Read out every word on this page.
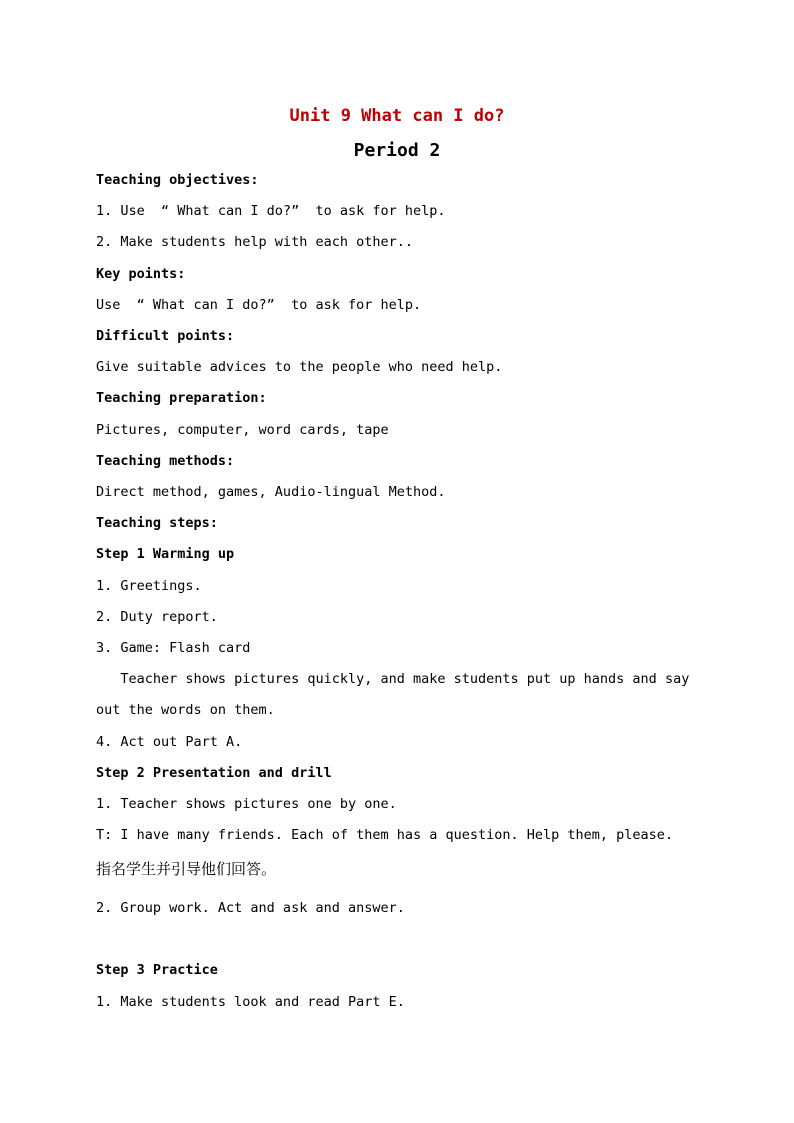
Unit 9 What can I do?
Period 2
Teaching objectives:
1. Use  “ What can I do?”  to ask for help.
2. Make students help with each other..
Key points:
Use  “ What can I do?”  to ask for help.
Difficult points:
Give suitable advices to the people who need help.
Teaching preparation:
Pictures, computer, word cards, tape
Teaching methods:
Direct method, games, Audio-lingual Method.
Teaching steps:
Step 1 Warming up
1. Greetings.
2. Duty report.
3. Game: Flash card
Teacher shows pictures quickly, and make students put up hands and say
out the words on them.
4. Act out Part A.
Step 2 Presentation and drill
1. Teacher shows pictures one by one.
T: I have many friends. Each of them has a question. Help them, please.
指名学生并引导他们回答。
2. Group work. Act and ask and answer.
Step 3 Practice
1. Make students look and read Part E.
